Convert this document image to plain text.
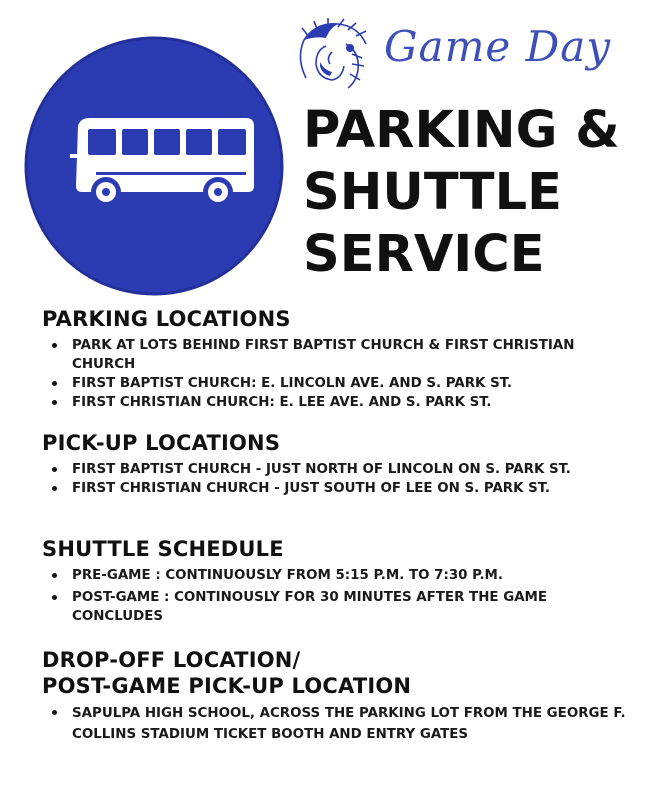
Game Day
PARKING &
SHUTTLE
SERVICE
PARKING LOCATIONS
PARK AT LOTS BEHIND FIRST BAPTIST CHURCH & FIRST CHRISTIAN CHURCH
FIRST BAPTIST CHURCH: E. LINCOLN AVE. AND S. PARK ST.
FIRST CHRISTIAN CHURCH: E. LEE AVE. AND S. PARK ST.
PICK-UP LOCATIONS
FIRST BAPTIST CHURCH - JUST NORTH OF LINCOLN ON S. PARK ST.
FIRST CHRISTIAN CHURCH - JUST SOUTH OF LEE ON S. PARK ST.
SHUTTLE SCHEDULE
PRE-GAME : CONTINUOUSLY FROM 5:15 P.M. TO 7:30 P.M.
POST-GAME : CONTINOUSLY FOR 30 MINUTES AFTER THE GAME CONCLUDES
DROP-OFF LOCATION/
POST-GAME PICK-UP LOCATION
SAPULPA HIGH SCHOOL, ACROSS THE PARKING LOT FROM THE GEORGE F. COLLINS STADIUM TICKET BOOTH AND ENTRY GATES
